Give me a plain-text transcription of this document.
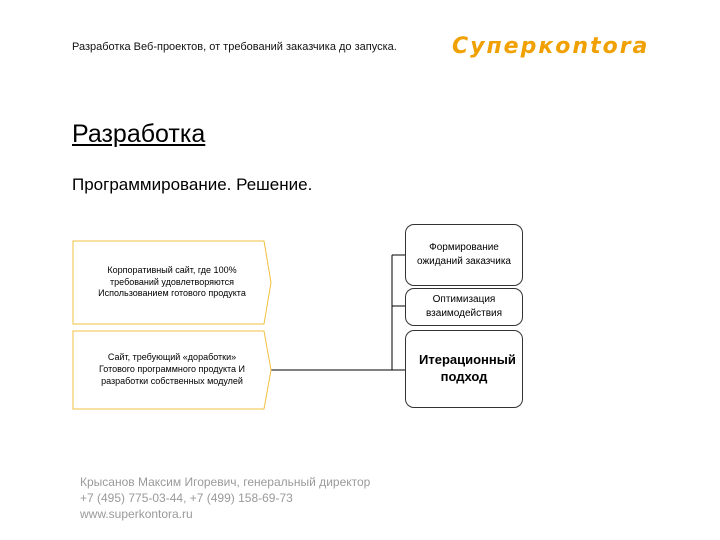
Разработка Веб-проектов, от требований заказчика до запуска.	Суперкontora
Разработка
Программирование. Решение.
Корпоративный сайт, где 100% требований удовлетворяются Использованием готового продукта
Сайт, требующий «доработки» Готового программного продукта И разработки собственных модулей
Формирование ожиданий заказчика
Оптимизация взаимодействия
Итерационный подход
Крысанов Максим Игоревич, генеральный директор
+7 (495) 775-03-44, +7 (499) 158-69-73
www.superkontora.ru
